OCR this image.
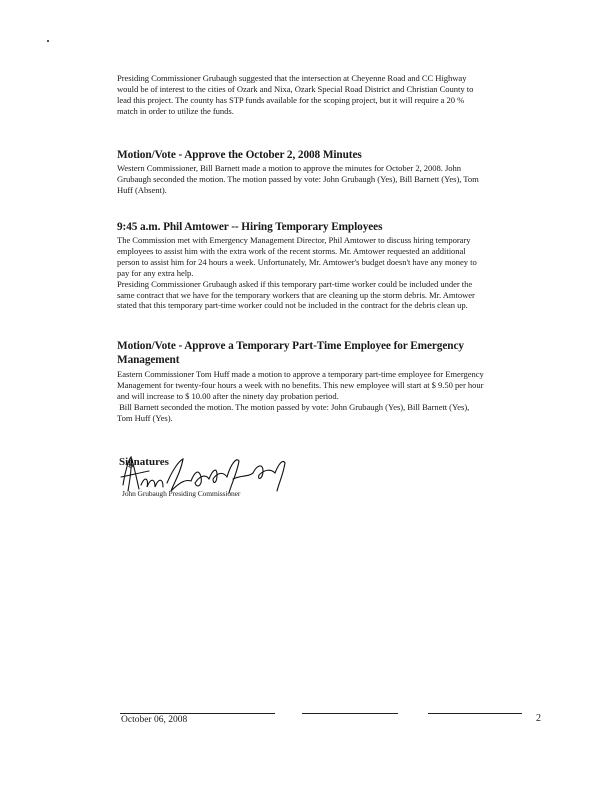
Presiding Commissioner Grubaugh suggested that the intersection at Cheyenne Road and CC Highway
would be of interest to the cities of Ozark and Nixa, Ozark Special Road District and Christian County to
lead this project. The county has STP funds available for the scoping project, but it will require a 20 %
match in order to utilize the funds.
Motion/Vote - Approve the October 2, 2008 Minutes
Western Commissioner, Bill Barnett made a motion to approve the minutes for October 2, 2008. John
Grubaugh seconded the motion. The motion passed by vote: John Grubaugh (Yes), Bill Barnett (Yes), Tom
Huff (Absent).
9:45 a.m. Phil Amtower -- Hiring Temporary Employees
The Commission met with Emergency Management Director, Phil Amtower to discuss hiring temporary
employees to assist him with the extra work of the recent storms. Mr. Amtower requested an additional
person to assist him for 24 hours a week. Unfortunately, Mr. Amtower's budget doesn't have any money to
pay for any extra help.
Presiding Commissioner Grubaugh asked if this temporary part-time worker could be included under the
same contract that we have for the temporary workers that are cleaning up the storm debris. Mr. Amtower
stated that this temporary part-time worker could not be included in the contract for the debris clean up.
Motion/Vote - Approve a Temporary Part-Time Employee for Emergency
Management
Eastern Commissioner Tom Huff made a motion to approve a temporary part-time employee for Emergency
Management for twenty-four hours a week with no benefits. This new employee will start at $ 9.50 per hour
and will increase to $ 10.00 after the ninety day probation period.
Bill Barnett seconded the motion. The motion passed by vote: John Grubaugh (Yes), Bill Barnett (Yes),
Tom Huff (Yes).
Signatures
John Grubaugh Presiding Commissioner
October 06, 2008	2
